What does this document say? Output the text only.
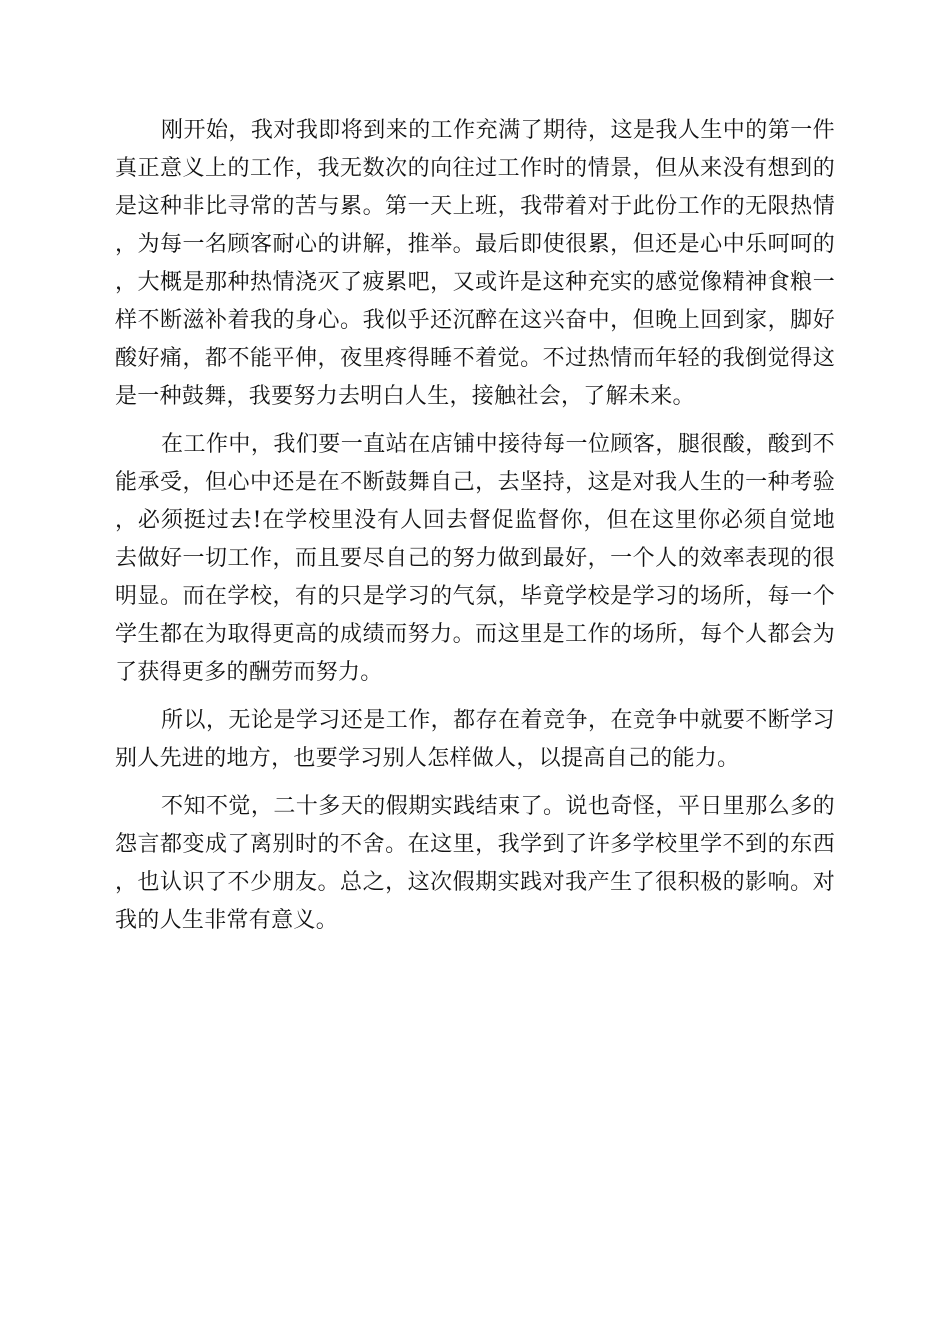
刚开始，我对我即将到来的工作充满了期待，这是我人生中的第一件真正意义上的工作，我无数次的向往过工作时的情景，但从来没有想到的是这种非比寻常的苦与累。第一天上班，我带着对于此份工作的无限热情，为每一名顾客耐心的讲解，推举。最后即使很累，但还是心中乐呵呵的，大概是那种热情浇灭了疲累吧，又或许是这种充实的感觉像精神食粮一样不断滋补着我的身心。我似乎还沉醉在这兴奋中，但晚上回到家，脚好酸好痛，都不能平伸，夜里疼得睡不着觉。不过热情而年轻的我倒觉得这是一种鼓舞，我要努力去明白人生，接触社会，了解未来。

在工作中，我们要一直站在店铺中接待每一位顾客，腿很酸，酸到不能承受，但心中还是在不断鼓舞自己，去坚持，这是对我人生的一种考验，必须挺过去!在学校里没有人回去督促监督你，但在这里你必须自觉地去做好一切工作，而且要尽自己的努力做到最好，一个人的效率表现的很明显。而在学校，有的只是学习的气氛，毕竟学校是学习的场所，每一个学生都在为取得更高的成绩而努力。而这里是工作的场所，每个人都会为了获得更多的酬劳而努力。

所以，无论是学习还是工作，都存在着竞争，在竞争中就要不断学习别人先进的地方，也要学习别人怎样做人，以提高自己的能力。

不知不觉，二十多天的假期实践结束了。说也奇怪，平日里那么多的怨言都变成了离别时的不舍。在这里，我学到了许多学校里学不到的东西，也认识了不少朋友。总之，这次假期实践对我产生了很积极的影响。对我的人生非常有意义。
